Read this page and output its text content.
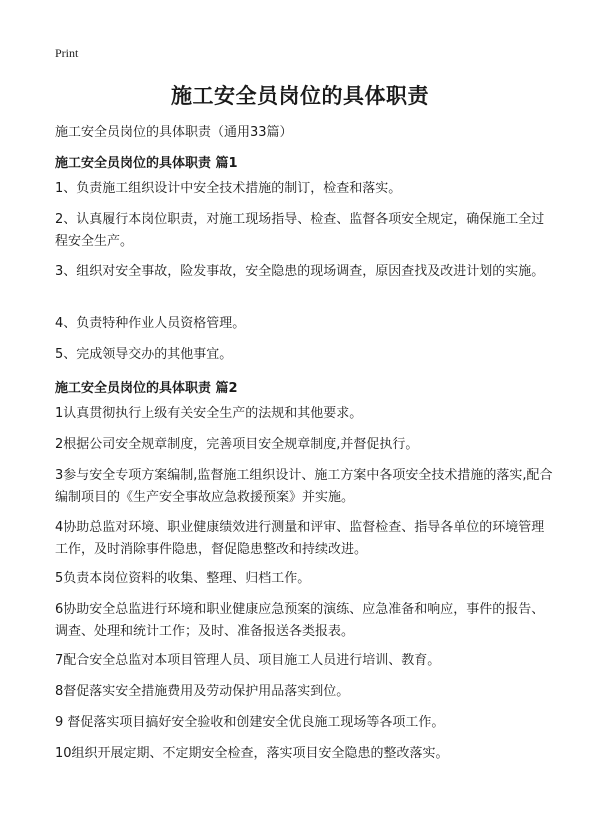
Print
施工安全员岗位的具体职责
施工安全员岗位的具体职责（通用33篇）
施工安全员岗位的具体职责 篇1
1、负责施工组织设计中安全技术措施的制订，检查和落实。
2、认真履行本岗位职责，对施工现场指导、检查、监督各项安全规定，确保施工全过程安全生产。
3、组织对安全事故，险发事故，安全隐患的现场调查，原因查找及改进计划的实施。
4、负责特种作业人员资格管理。
5、完成领导交办的其他事宜。
施工安全员岗位的具体职责 篇2
1认真贯彻执行上级有关安全生产的法规和其他要求。
2根据公司安全规章制度，完善项目安全规章制度,并督促执行。
3参与安全专项方案编制,监督施工组织设计、施工方案中各项安全技术措施的落实,配合编制项目的《生产安全事故应急救援预案》并实施。
4协助总监对环境、职业健康绩效进行测量和评审、监督检查、指导各单位的环境管理工作，及时消除事件隐患，督促隐患整改和持续改进。
5负责本岗位资料的收集、整理、归档工作。
6协助安全总监进行环境和职业健康应急预案的演练、应急准备和响应，事件的报告、调查、处理和统计工作；及时、准备报送各类报表。
7配合安全总监对本项目管理人员、项目施工人员进行培训、教育。
8督促落实安全措施费用及劳动保护用品落实到位。
9 督促落实项目搞好安全验收和创建安全优良施工现场等各项工作。
10组织开展定期、不定期安全检查，落实项目安全隐患的整改落实。
